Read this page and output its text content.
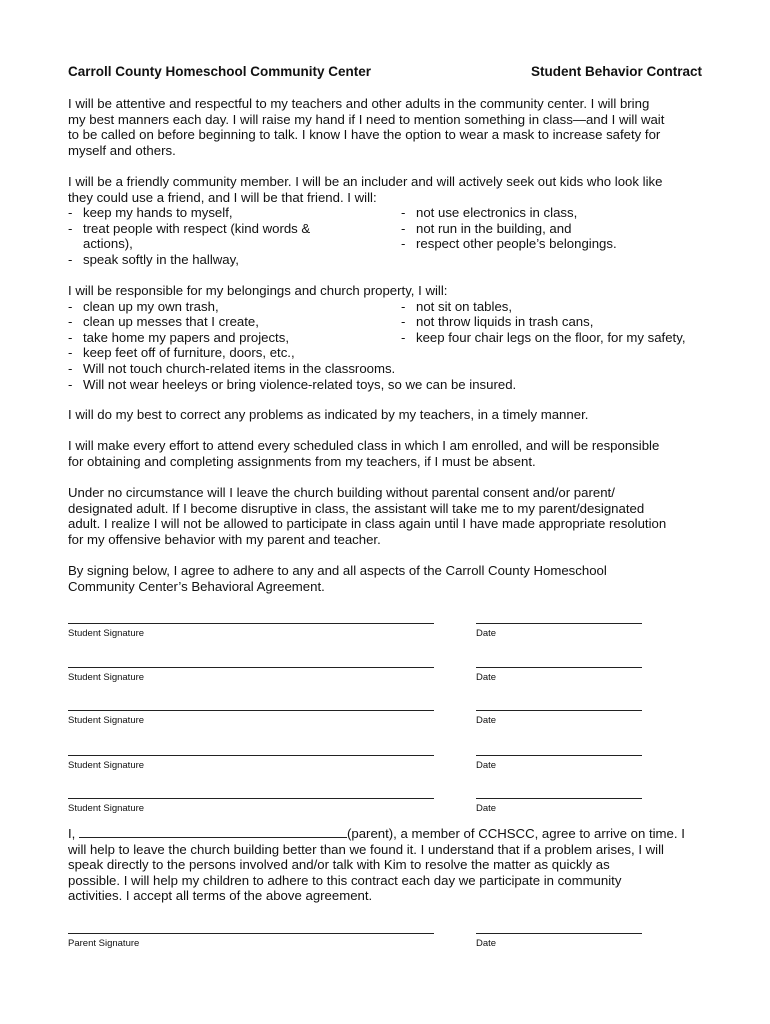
Carroll County Homeschool Community Center	Student Behavior Contract

I will be attentive and respectful to my teachers and other adults in the community center. I will bring

my best manners each day. I will raise my hand if I need to mention something in class—and I will wait

to be called on before beginning to talk. I know I have the option to wear a mask to increase safety for

myself and others.

I will be a friendly community member. I will be an includer and will actively seek out kids who look like

they could use a friend, and I will be that friend. I will:

- keep my hands to myself,	- not use electronics in class,
- treat people with respect (kind words &	- not run in the building, and
actions),	- respect other people’s belongings.
- speak softly in the hallway,

I will be responsible for my belongings and church property, I will:

- clean up my own trash,	- not sit on tables,
- clean up messes that I create,	- not throw liquids in trash cans,
- take home my papers and projects,	- keep four chair legs on the floor, for my safety,
- keep feet off of furniture, doors, etc.,
- Will not touch church-related items in the classrooms.
- Will not wear heeleys or bring violence-related toys, so we can be insured.

I will do my best to correct any problems as indicated by my teachers, in a timely manner.

I will make every effort to attend every scheduled class in which I am enrolled, and will be responsible

for obtaining and completing assignments from my teachers, if I must be absent.

Under no circumstance will I leave the church building without parental consent and/or parent/

designated adult. If I become disruptive in class, the assistant will take me to my parent/designated

adult. I realize I will not be allowed to participate in class again until I have made appropriate resolution

for my offensive behavior with my parent and teacher.

By signing below, I agree to adhere to any and all aspects of the Carroll County Homeschool

Community Center’s Behavioral Agreement.

Student Signature	Date
Student Signature	Date
Student Signature	Date
Student Signature	Date
Student Signature	Date

I,	(parent), a member of CCHSCC, agree to arrive on time. I

will help to leave the church building better than we found it. I understand that if a problem arises, I will

speak directly to the persons involved and/or talk with Kim to resolve the matter as quickly as

possible. I will help my children to adhere to this contract each day we participate in community

activities. I accept all terms of the above agreement.

Parent Signature	Date
